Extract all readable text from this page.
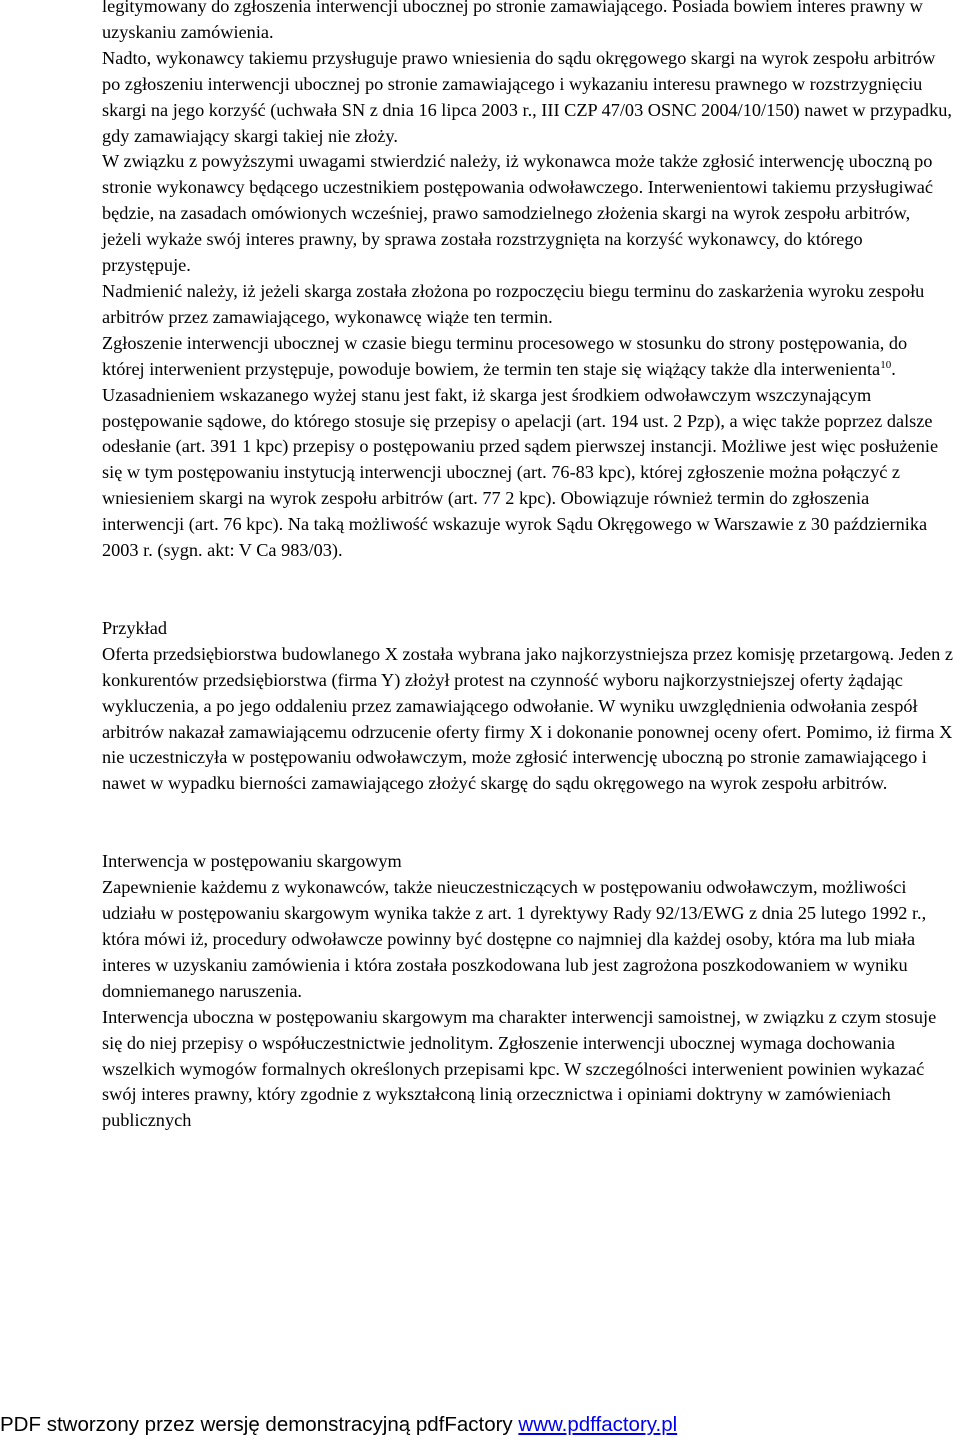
legitymowany do zgłoszenia interwencji ubocznej po stronie zamawiającego. Posiada bowiem interes prawny w uzyskaniu zamówienia.

Nadto, wykonawcy takiemu przysługuje prawo wniesienia do sądu okręgowego skargi na wyrok zespołu arbitrów po zgłoszeniu interwencji ubocznej po stronie zamawiającego i wykazaniu interesu prawnego w rozstrzygnięciu skargi na jego korzyść (uchwała SN z dnia 16 lipca 2003 r., III CZP 47/03 OSNC 2004/10/150) nawet w przypadku, gdy zamawiający skargi takiej nie złoży.

W związku z powyższymi uwagami stwierdzić należy, iż wykonawca może także zgłosić interwencję uboczną po stronie wykonawcy będącego uczestnikiem postępowania odwoławczego. Interwenientowi takiemu przysługiwać będzie, na zasadach omówionych wcześniej, prawo samodzielnego złożenia skargi na wyrok zespołu arbitrów, jeżeli wykaże swój interes prawny, by sprawa została rozstrzygnięta na korzyść wykonawcy, do którego przystępuje.

Nadmienić należy, iż jeżeli skarga została złożona po rozpoczęciu biegu terminu do zaskarżenia wyroku zespołu arbitrów przez zamawiającego, wykonawcę wiąże ten termin.

Zgłoszenie interwencji ubocznej w czasie biegu terminu procesowego w stosunku do strony postępowania, do której interwenient przystępuje, powoduje bowiem, że termin ten staje się wiążący także dla interwenienta$^{10}$.

Uzasadnieniem wskazanego wyżej stanu jest fakt, iż skarga jest środkiem odwoławczym wszczynającym postępowanie sądowe, do którego stosuje się przepisy o apelacji (art. 194 ust. 2 Pzp), a więc także poprzez dalsze odesłanie (art. 391 1 kpc) przepisy o postępowaniu przed sądem pierwszej instancji. Możliwe jest więc posłużenie się w tym postępowaniu instytucją interwencji ubocznej (art. 76-83 kpc), której zgłoszenie można połączyć z wniesieniem skargi na wyrok zespołu arbitrów (art. 77 2 kpc). Obowiązuje również termin do zgłoszenia interwencji (art. 76 kpc). Na taką możliwość wskazuje wyrok Sądu Okręgowego w Warszawie z 30 października 2003 r. (sygn. akt: V Ca 983/03).

Przykład

Oferta przedsiębiorstwa budowlanego X została wybrana jako najkorzystniejsza przez komisję przetargową. Jeden z konkurentów przedsiębiorstwa (firma Y) złożył protest na czynność wyboru najkorzystniejszej oferty żądając wykluczenia, a po jego oddaleniu przez zamawiającego odwołanie. W wyniku uwzględnienia odwołania zespół arbitrów nakazał zamawiającemu odrzucenie oferty firmy X i dokonanie ponownej oceny ofert. Pomimo, iż firma X nie uczestniczyła w postępowaniu odwoławczym, może zgłosić interwencję uboczną po stronie zamawiającego i nawet w wypadku bierności zamawiającego złożyć skargę do sądu okręgowego na wyrok zespołu arbitrów.

Interwencja w postępowaniu skargowym

Zapewnienie każdemu z wykonawców, także nieuczestniczących w postępowaniu odwoławczym, możliwości udziału w postępowaniu skargowym wynika także z art. 1 dyrektywy Rady 92/13/EWG z dnia 25 lutego 1992 r., która mówi iż, procedury odwoławcze powinny być dostępne co najmniej dla każdej osoby, która ma lub miała interes w uzyskaniu zamówienia i która została poszkodowana lub jest zagrożona poszkodowaniem w wyniku domniemanego naruszenia.

Interwencja uboczna w postępowaniu skargowym ma charakter interwencji samoistnej, w związku z czym stosuje się do niej przepisy o współuczestnictwie jednolitym. Zgłoszenie interwencji ubocznej wymaga dochowania wszelkich wymogów formalnych określonych przepisami kpc. W szczególności interwenient powinien wykazać swój interes prawny, który zgodnie z wykształconą linią orzecznictwa i opiniami doktryny w zamówieniach publicznych

PDF stworzony przez wersję demonstracyjną pdfFactory www.pdffactory.pl
